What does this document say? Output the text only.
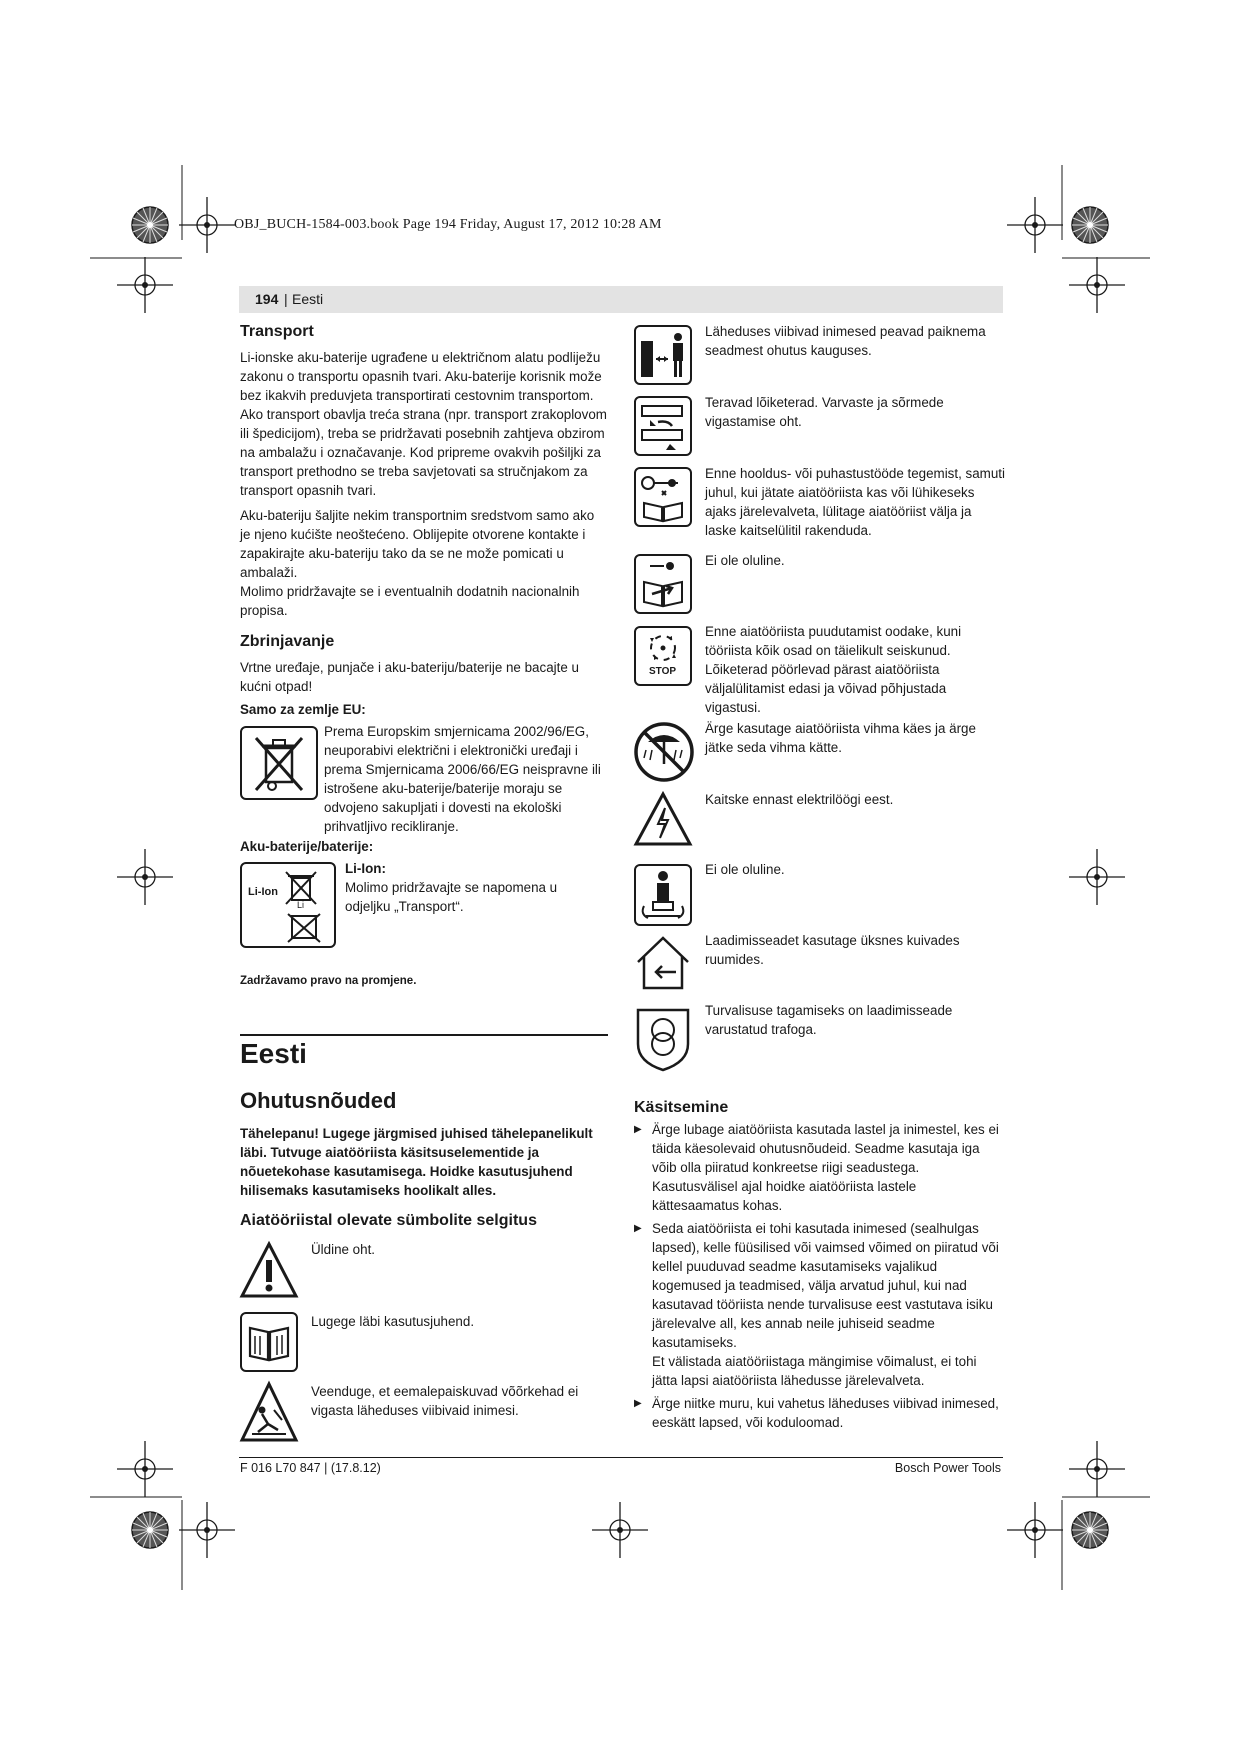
OBJ_BUCH-1584-003.book Page 194 Friday, August 17, 2012 10:28 AM
194 | Eesti
Transport

Li-ionske aku-baterije ugrađene u električnom alatu podliježu zakonu o transportu opasnih tvari. Aku-baterije korisnik može bez ikakvih preduvjeta transportirati cestovnim transportom. Ako transport obavlja treća strana (npr. transport zrakoplovom ili špedicijom), treba se pridržavati posebnih zahtjeva obzirom na ambalažu i označavanje. Kod pripreme ovakvih pošiljki za transport prethodno se treba savjetovati sa stručnjakom za transport opasnih tvari.

Aku-bateriju šaljite nekim transportnim sredstvom samo ako je njeno kućište neoštećeno. Oblijepite otvorene kontakte i zapakirajte aku-bateriju tako da se ne može pomicati u ambalaži.

Molimo pridržavajte se i eventualnih dodatnih nacionalnih propisa.

Zbrinjavanje

Vrtne uređaje, punjače i aku-bateriju/baterije ne bacajte u kućni otpad!

Samo za zemlje EU:
Prema Europskim smjernicama 2002/96/EG, neuporabivi električni i elektronički uređaji i prema Smjernicama 2006/66/EG neispravne ili istrošene aku-baterije/baterije moraju se odvojeno sakupljati i dovesti na ekološki prihvatljivo recikliranje.
Aku-baterije/baterije:
Li-Ion
Li
Li-Ion:
Molimo pridržavajte se napomena u odjeljku „Transport“.
Zadržavamo pravo na promjene.
Eesti
Ohutusnõuded
Tähelepanu! Lugege järgmised juhised tähelepanelikult läbi. Tutvuge aiatööriista käsitsuselementide ja nõuetekohase kasutamisega. Hoidke kasutusjuhend hilisemaks kasutamiseks hoolikalt alles.
Aiatööriistal olevate sümbolite selgitus
Üldine oht.
Lugege läbi kasutusjuhend.
Veenduge, et eemalepaiskuvad võõrkehad ei vigasta läheduses viibivaid inimesi.
Läheduses viibivad inimesed peavad paiknema seadmest ohutus kauguses.
Teravad lõiketerad. Varvaste ja sõrmede vigastamise oht.
Enne hooldus- või puhastustööde tegemist, samuti juhul, kui jätate aiatööriista kas või lühikeseks ajaks järelevalveta, lülitage aiatööriist välja ja laske kaitselülitil rakenduda.
Ei ole oluline.
STOP
Enne aiatööriista puudutamist oodake, kuni tööriista kõik osad on täielikult seiskunud. Lõiketerad pöörlevad pärast aiatööriista väljalülitamist edasi ja võivad põhjustada vigastusi.
Ärge kasutage aiatööriista vihma käes ja ärge jätke seda vihma kätte.
Kaitske ennast elektrilöögi eest.
Ei ole oluline.
Laadimisseadet kasutage üksnes kuivades ruumides.
Turvalisuse tagamiseks on laadimisseade varustatud trafoga.
Käsitsemine
▶ Ärge lubage aiatööriista kasutada lastel ja inimestel, kes ei täida käesolevaid ohutusnõudeid. Seadme kasutaja iga võib olla piiratud konkreetse riigi seadustega. Kasutusvälisel ajal hoidke aiatööriista lastele kättesaamatus kohas.
▶ Seda aiatööriista ei tohi kasutada inimesed (sealhulgas lapsed), kelle füüsilised või vaimsed võimed on piiratud või kellel puuduvad seadme kasutamiseks vajalikud kogemused ja teadmised, välja arvatud juhul, kui nad kasutavad tööriista nende turvalisuse eest vastutava isiku järelevalve all, kes annab neile juhiseid seadme kasutamiseks.
Et välistada aiatööriistaga mängimise võimalust, ei tohi jätta lapsi aiatööriista lähedusse järelevalveta.
▶ Ärge niitke muru, kui vahetus läheduses viibivad inimesed, eeskätt lapsed, või koduloomad.
F 016 L70 847 | (17.8.12)	Bosch Power Tools
